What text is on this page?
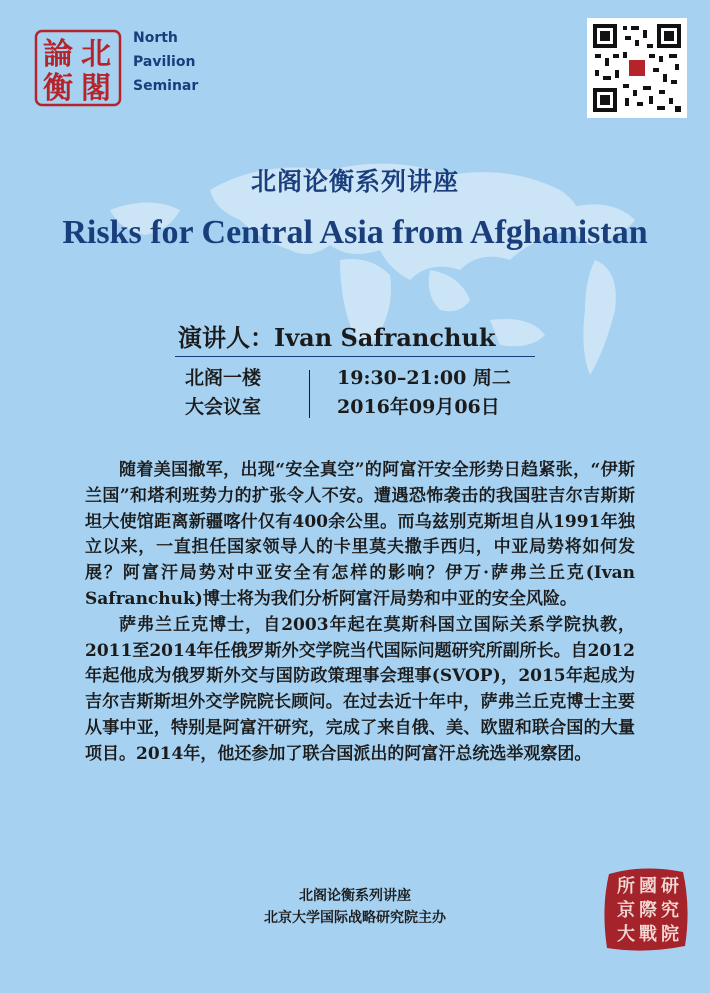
北
閣
論
衡
North
Pavilion
Seminar
北阁论衡系列讲座
Risks for Central Asia from Afghanistan
演讲人：Ivan Safranchuk
北阁一楼
大会议室
19:30–21:00 周二
2016年09月06日

随着美国撤军，出现“安全真空”的阿富汗安全形势日趋紧张，“伊斯兰国”和塔利班势力的扩张令人不安。遭遇恐怖袭击的我国驻吉尔吉斯斯坦大使馆距离新疆喀什仅有400余公里。而乌兹别克斯坦自从1991年独立以来，一直担任国家领导人的卡里莫夫撒手西归，中亚局势将如何发展？阿富汗局势对中亚安全有怎样的影响？伊万·萨弗兰丘克(Ivan Safranchuk)博士将为我们分析阿富汗局势和中亚的安全风险。

萨弗兰丘克博士，自2003年起在莫斯科国立国际关系学院执教，2011至2014年任俄罗斯外交学院当代国际问题研究所副所长。自2012年起他成为俄罗斯外交与国防政策理事会理事(SVOP)，2015年起成为吉尔吉斯斯坦外交学院院长顾问。在过去近十年中，萨弗兰丘克博士主要从事中亚，特别是阿富汗研究，完成了来自俄、美、欧盟和联合国的大量项目。2014年，他还参加了联合国派出的阿富汗总统选举观察团。

北阁论衡系列讲座
北京大学国际战略研究院主办
研
國
所
究
際
京
院
戰
大
